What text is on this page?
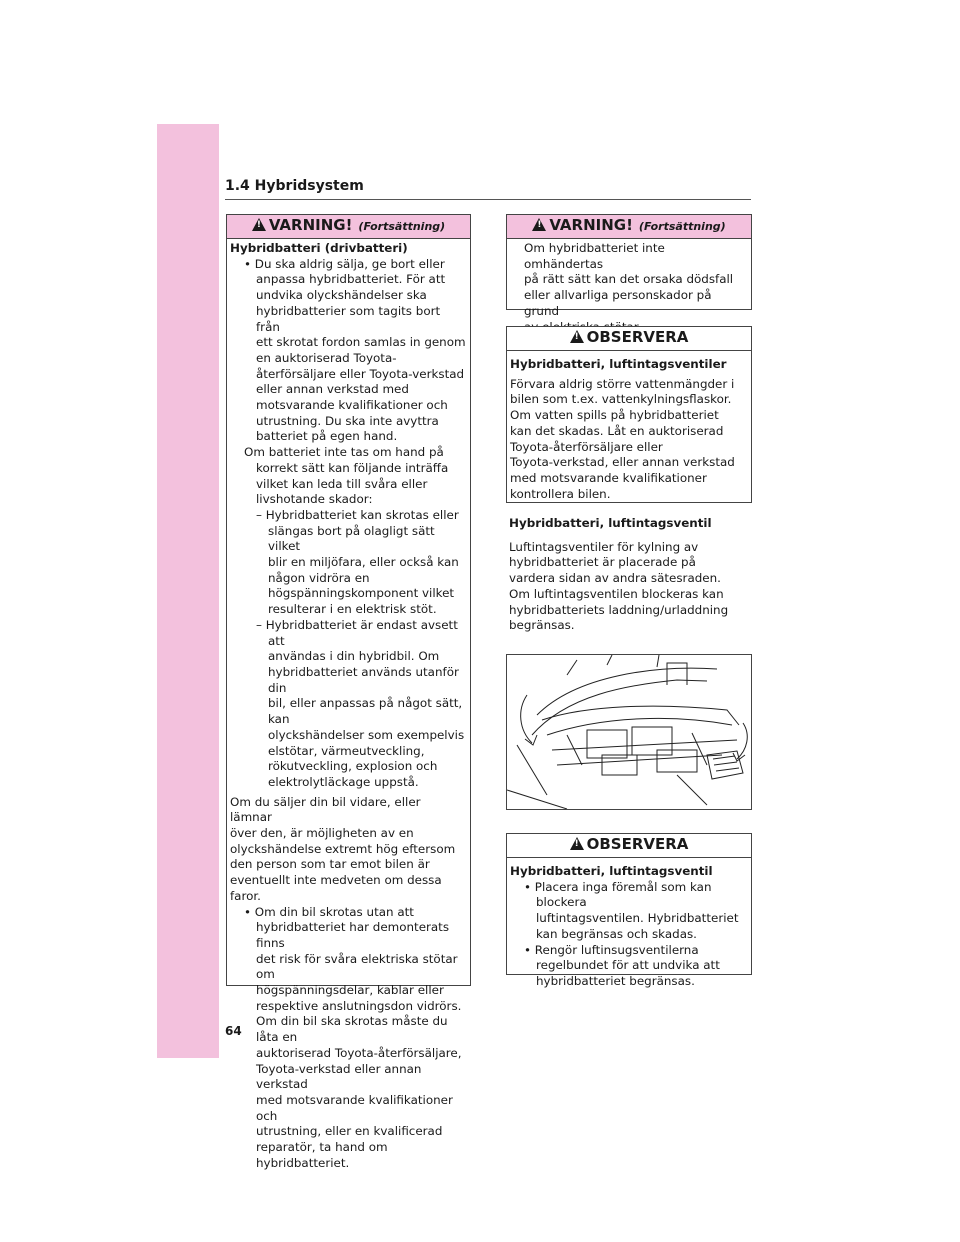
1.4 Hybridsystem
!VARNING! (Fortsättning)

Hybridbatteri (drivbatteri)

• Du ska aldrig sälja, ge bort eller
anpassa hybridbatteriet. För att
undvika olyckshändelser ska
hybridbatterier som tagits bort från
ett skrotat fordon samlas in genom
en auktoriserad Toyota-
återförsäljare eller Toyota-verkstad
eller annan verkstad med
motsvarande kvalifikationer och
utrustning. Du ska inte avyttra
batteriet på egen hand.

Om batteriet inte tas om hand på
korrekt sätt kan följande inträffa
vilket kan leda till svåra eller
livshotande skador:

– Hybridbatteriet kan skrotas eller
slängas bort på olagligt sätt vilket
blir en miljöfara, eller också kan
någon vidröra en
högspänningskomponent vilket
resulterar i en elektrisk stöt.

– Hybridbatteriet är endast avsett att
användas i din hybridbil. Om
hybridbatteriet används utanför din
bil, eller anpassas på något sätt, kan
olyckshändelser som exempelvis
elstötar, värmeutveckling,
rökutveckling, explosion och
elektrolytläckage uppstå.

Om du säljer din bil vidare, eller lämnar
över den, är möjligheten av en
olyckshändelse extremt hög eftersom
den person som tar emot bilen är
eventuellt inte medveten om dessa
faror.

• Om din bil skrotas utan att
hybridbatteriet har demonterats finns
det risk för svåra elektriska stötar om
högspänningsdelar, kablar eller
respektive anslutningsdon vidrörs.
Om din bil ska skrotas måste du låta en
auktoriserad Toyota-återförsäljare,
Toyota-verkstad eller annan verkstad
med motsvarande kvalifikationer och
utrustning, eller en kvalificerad
reparatör, ta hand om hybridbatteriet.

!VARNING! (Fortsättning)

Om hybridbatteriet inte omhändertas
på rätt sätt kan det orsaka dödsfall
eller allvarliga personskador på grund

!OBSERVERA

Hybridbatteri, luftintagsventiler

Förvara aldrig större vattenmängder i
bilen som t.ex. vattenkylningsflaskor.
Om vatten spills på hybridbatteriet
kan det skadas. Låt en auktoriserad
Toyota-återförsäljare eller
Toyota-verkstad, eller annan verkstad
med motsvarande kvalifikationer
kontrollera bilen.

Hybridbatteri, luftintagsventil

Luftintagsventiler för kylning av
hybridbatteriet är placerade på
vardera sidan av andra sätesraden.
Om luftintagsventilen blockeras kan
hybridbatteriets laddning/urladdning
begränsas.

!OBSERVERA

Hybridbatteri, luftintagsventil

• Placera inga föremål som kan blockera
luftintagsventilen. Hybridbatteriet
kan begränsas och skadas.

• Rengör luftinsugsventilerna
regelbundet för att undvika att
hybridbatteriet begränsas.

64
